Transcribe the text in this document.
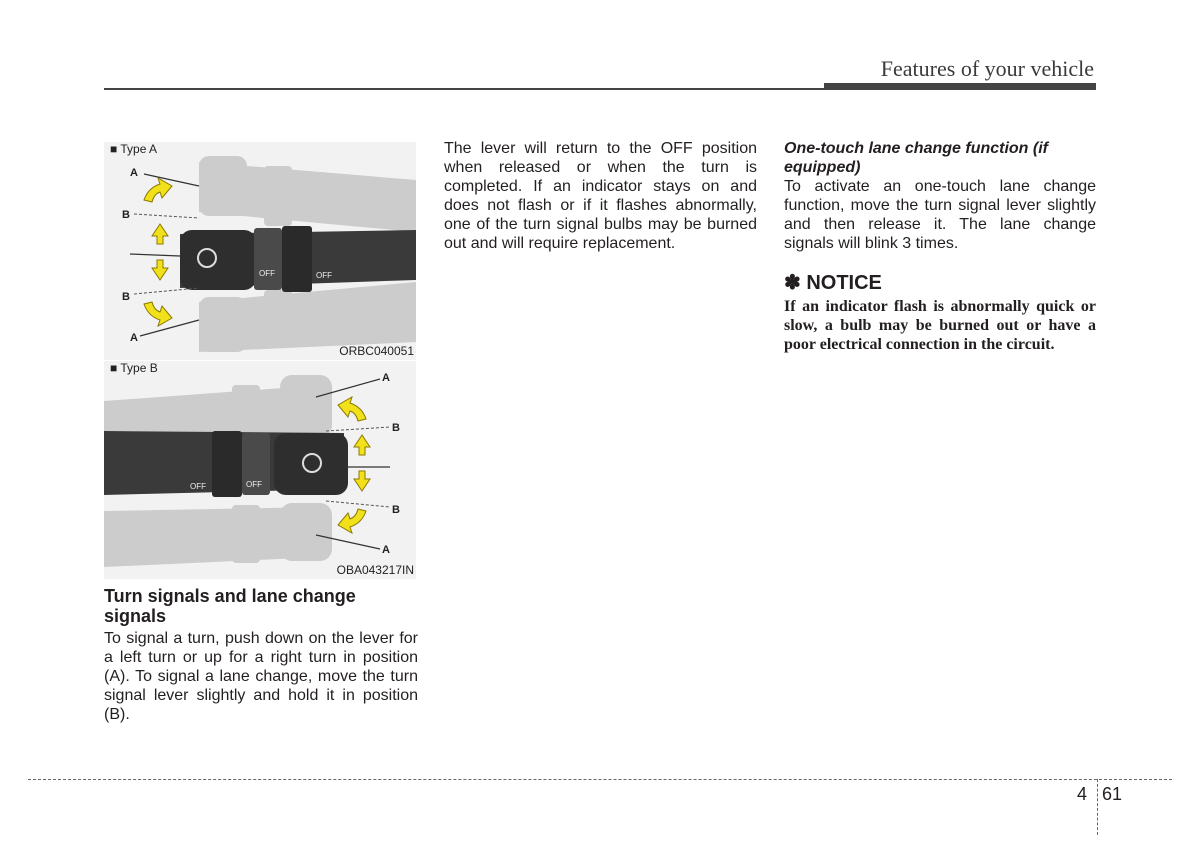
Features of your vehicle
OFF	OFF
A
B
B
A
■ Type A
ORBC040051
OFF	OFF
A
B
B
A
■ Type B
OBA043217IN
Turn signals and lane change signals

To signal a turn, push down on the lever for a left turn or up for a right turn in position (A). To signal a lane change, move the turn signal lever slightly and hold it in position (B).

The lever will return to the OFF position when released or when the turn is completed. If an indicator stays on and does not flash or if it flashes abnormally, one of the turn signal bulbs may be burned out and will require replacement.

One-touch lane change function (if equipped)

To activate an one-touch lane change function, move the turn signal lever slightly and then release it. The lane change signals will blink 3 times.

✽ NOTICE

If an indicator flash is abnormally quick or slow, a bulb may be burned out or have a poor electrical connection in the circuit.

4 61
